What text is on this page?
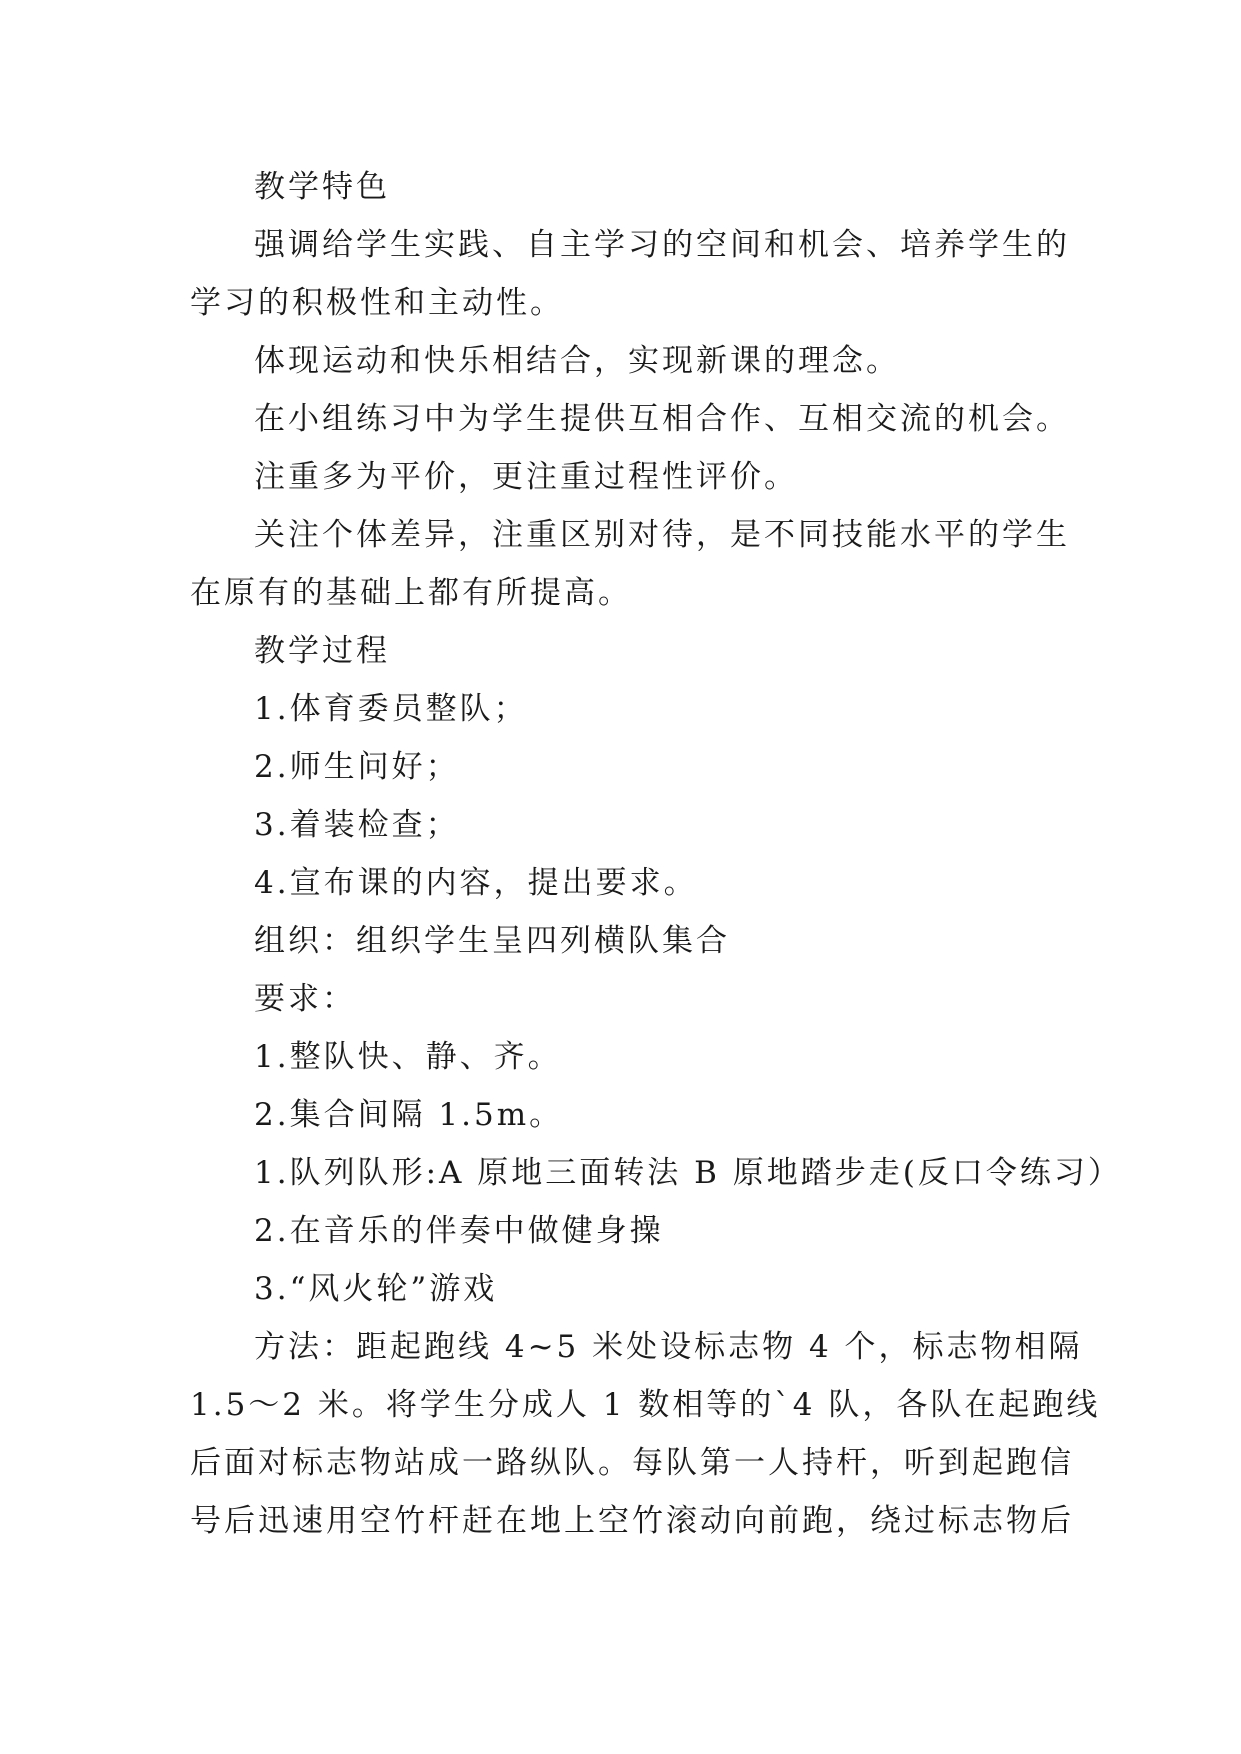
教学特色
强调给学生实践、自主学习的空间和机会、培养学生的
学习的积极性和主动性。
体现运动和快乐相结合，实现新课的理念。
在小组练习中为学生提供互相合作、互相交流的机会。
注重多为平价，更注重过程性评价。
关注个体差异，注重区别对待，是不同技能水平的学生
在原有的基础上都有所提高。
教学过程
1.体育委员整队；
2.师生问好；
3.着装检查；
4.宣布课的内容，提出要求。
组织：组织学生呈四列横队集合
要求：
1.整队快、静、齐。
2.集合间隔 1.5m。
1.队列队形:A 原地三面转法 B 原地踏步走(反口令练习）
2.在音乐的伴奏中做健身操
3.“风火轮”游戏
方法：距起跑线 4~5 米处设标志物 4 个，标志物相隔
1.5～2 米。将学生分成人 1 数相等的`4 队，各队在起跑线
后面对标志物站成一路纵队。每队第一人持杆，听到起跑信
号后迅速用空竹杆赶在地上空竹滚动向前跑，绕过标志物后
